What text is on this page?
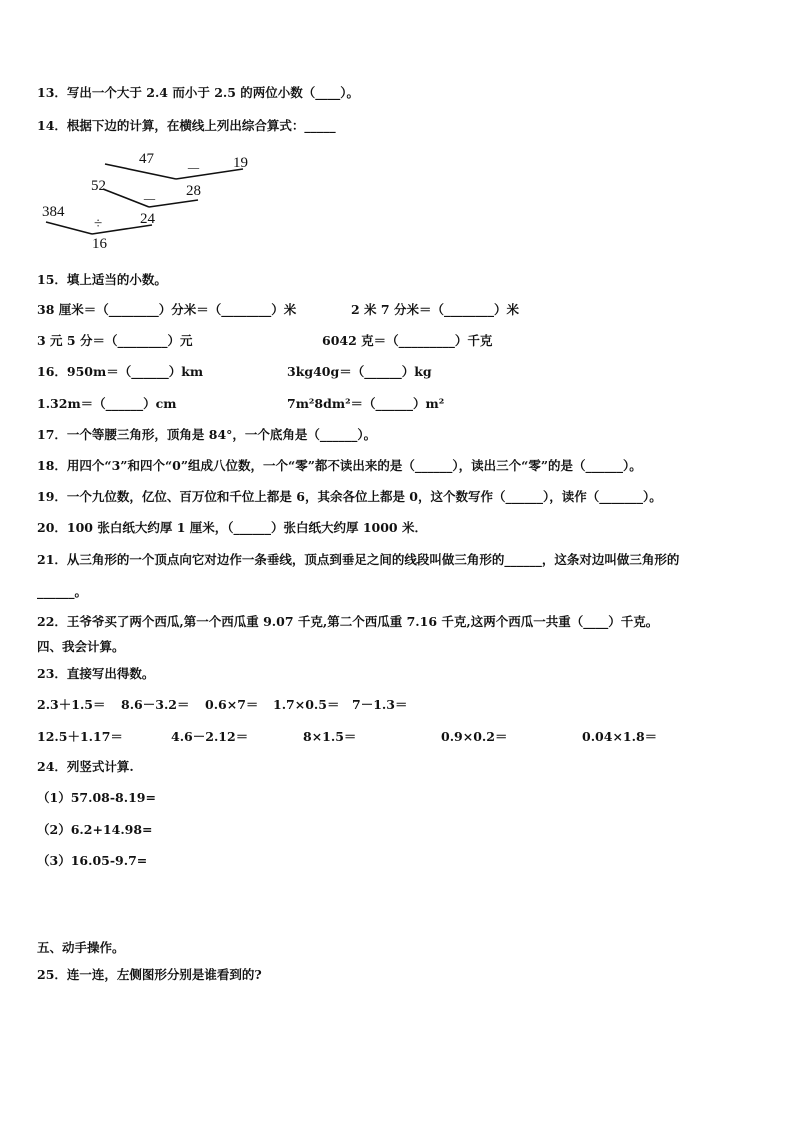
13．写出一个大于 2.4 而小于 2.5 的两位小数（____）。
14．根据下边的计算，在横线上列出综合算式：_____
47
－ 19
28
52
－
24
384
÷
16
15．填上适当的小数。
38 厘米＝（________）分米＝（________）米	2 米 7 分米＝（________）米
3 元 5 分＝（________）元	6042 克＝（_________）千克
16．950m＝（______）km	3kg40g＝（______）kg
1.32m＝（______）cm	7m²8dm²＝（______）m²
17．一个等腰三角形，顶角是 84°，一个底角是（______）。
18．用四个“3”和四个“0”组成八位数，一个“零”都不读出来的是（______），读出三个“零”的是（______）。
19．一个九位数，亿位、百万位和千位上都是 6，其余各位上都是 0，这个数写作（______），读作（_______）。
20．100 张白纸大约厚 1 厘米，（______）张白纸大约厚 1000 米．
21．从三角形的一个顶点向它对边作一条垂线，顶点到垂足之间的线段叫做三角形的______，这条对边叫做三角形的
______。
22．王爷爷买了两个西瓜,第一个西瓜重 9.07 千克,第二个西瓜重 7.16 千克,这两个西瓜一共重（____）千克。
四、我会计算。
23．直接写出得数。
2.3＋1.5＝ 8.6－3.2＝ 0.6×7＝ 1.7×0.5＝ 7－1.3＝
12.5＋1.17＝	4.6－2.12＝	8×1.5＝	0.9×0.2＝	0.04×1.8＝
24．列竖式计算.
（1）57.08-8.19=
（2）6.2+14.98=
（3）16.05-9.7=
五、动手操作。
25．连一连，左侧图形分别是谁看到的?
